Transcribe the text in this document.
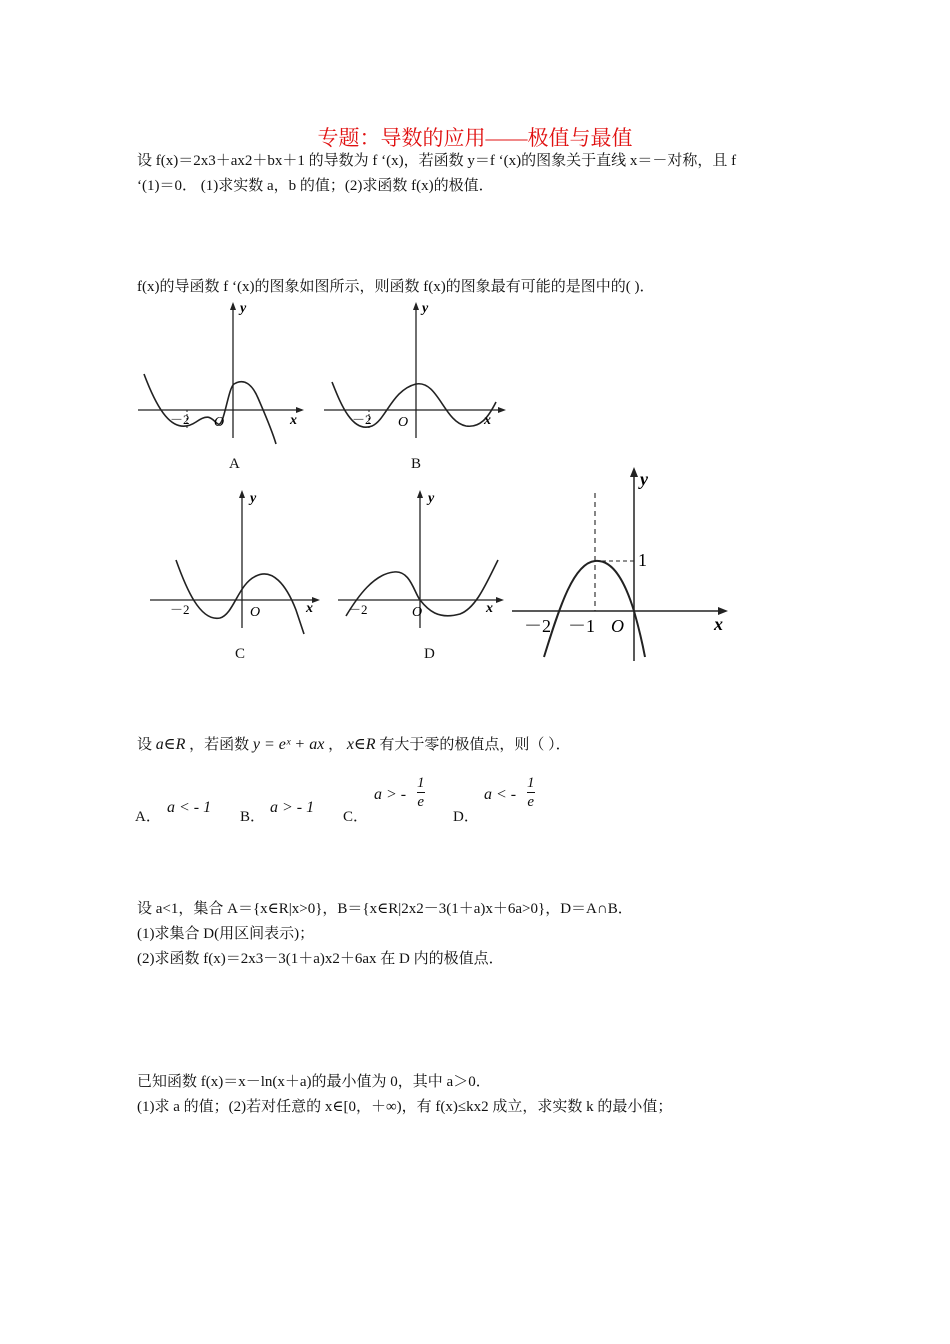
专题：导数的应用——极值与最值
设 f(x)＝2x3＋ax2＋bx＋1 的导数为 f ‘(x)，若函数 y＝f ‘(x)的图象关于直线 x＝－对称，且 f
‘(1)＝0． (1)求实数 a，b 的值；(2)求函数 f(x)的极值．
f(x)的导函数 f ‘(x)的图象如图所示，则函数 f(x)的图象最有可能的是图中的( )．
y
x
O
－2
A
y
x
O
－2
B
y
x
O
－2
C
y
x
O
－2
D
y
x
O
－2 －1
1
设 a∈R ，若函数 y = eˣ + ax ， x∈R 有大于零的极值点，则（ ）．
A．
a < - 1
B．
a > - 1
C．
a > - $\frac{1}{e}$
D．
a < - $\frac{1}{e}$
设 a<1，集合 A＝{x∈R|x>0}，B＝{x∈R|2x2－3(1＋a)x＋6a>0}，D＝A∩B．
(1)求集合 D(用区间表示)；
(2)求函数 f(x)＝2x3－3(1＋a)x2＋6ax 在 D 内的极值点．
已知函数 f(x)＝x－ln(x＋a)的最小值为 0，其中 a＞0．
(1)求 a 的值；(2)若对任意的 x∈[0，＋∞)，有 f(x)≤kx2 成立，求实数 k 的最小值；
